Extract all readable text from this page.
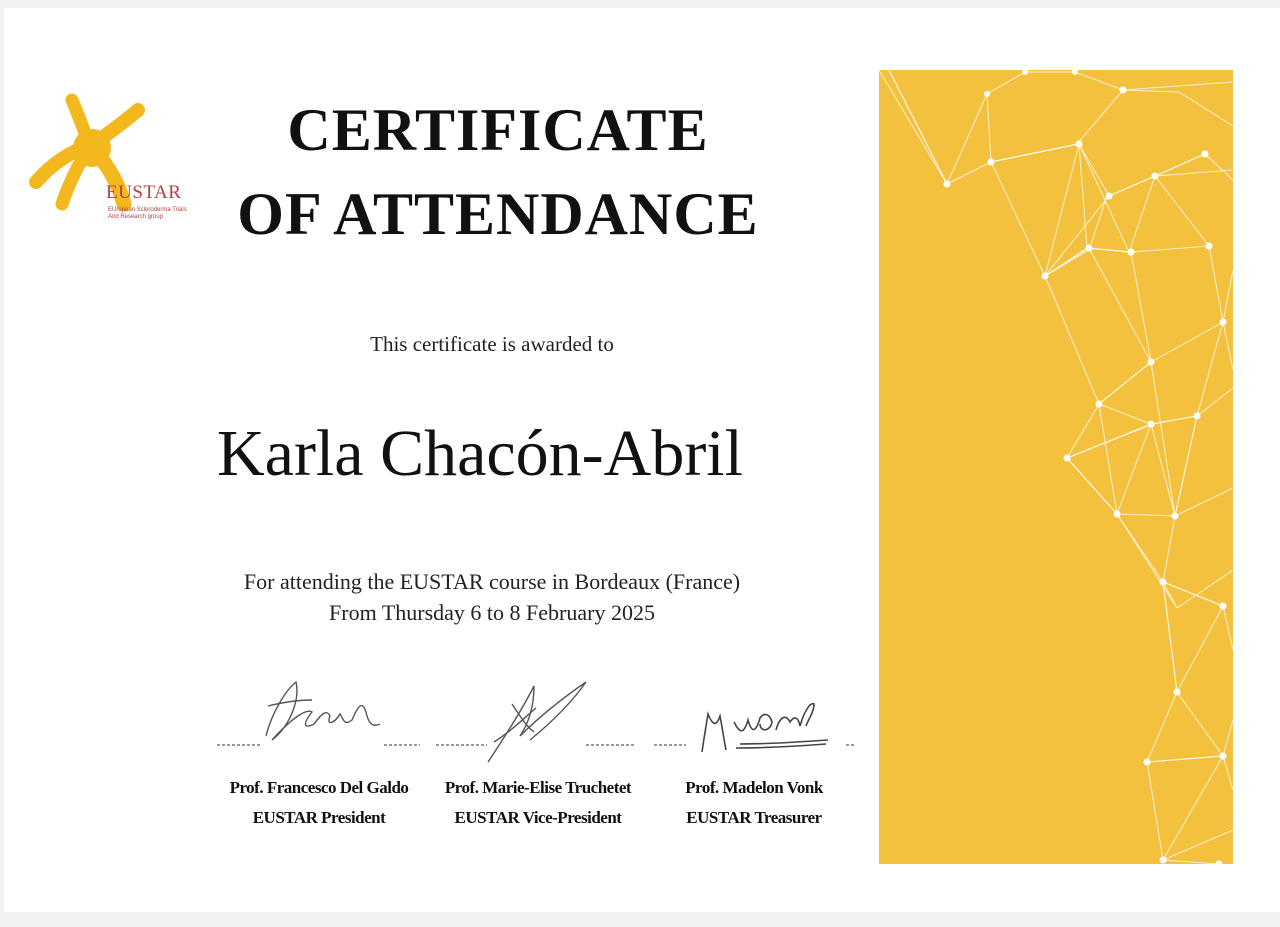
EUSTAR
EUropean Scleroderma Trials And Research group
CERTIFICATE
OF ATTENDANCE
This certificate is awarded to
Karla Chacón-Abril
For attending the EUSTAR course in Bordeaux (France)
From Thursday 6 to 8 February 2025
Prof. Francesco Del Galdo
EUSTAR President
Prof. Marie-Elise Truchetet
EUSTAR Vice-President
Prof. Madelon Vonk
EUSTAR Treasurer
